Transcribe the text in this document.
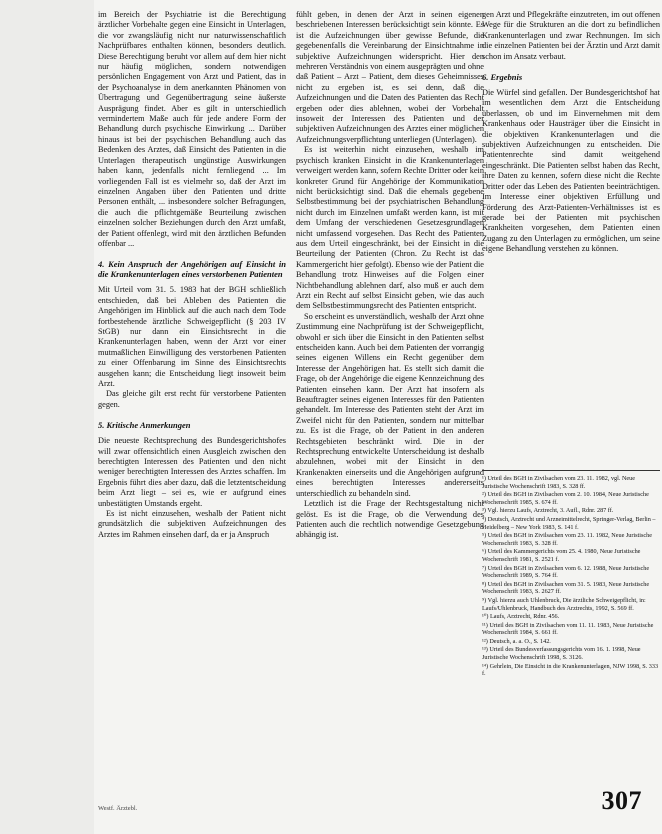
im Bereich der Psychiatrie ist die Berechtigung ärztlicher Vorbehalte gegen eine Einsicht in Unterlagen, die vor zwangsläufig nicht nur naturwissenschaftlich Nachprüfbares enthalten können, besonders deutlich. Diese Berechtigung beruht vor allem auf dem hier nicht nur häufig möglichen, sondern notwendigen persönlichen Engagement von Arzt und Patient, das in der Psychoanalyse in dem anerkannten Phänomen von Übertragung und Gegenübertragung seine äußerste Ausprägung findet. Aber es gilt in unterschiedlich vermindertem Maße auch für jede andere Form der Behandlung durch psychische Einwirkung ... Darüber hinaus ist bei der psychischen Behandlung auch das Bedenken des Arztes, daß Einsicht des Patienten in die Unterlagen therapeutisch ungünstige Auswirkungen haben kann, jedenfalls nicht fernliegend ... Im vorliegenden Fall ist es vielmehr so, daß der Arzt im einzelnen Angaben über den Patienten und dritte Personen enthält, ... insbesondere solcher Befragungen, die auch die pflichtgemäße Beurteilung zwischen einzelnen solcher Beziehungen durch den Arzt umfaßt, der Patient offenlegt, wird mit den ärztlichen Befunden offenbar ...

4. Kein Anspruch der Angehörigen auf Einsicht in die Krankenunterlagen eines verstorbenen Patienten

Mit Urteil vom 31. 5. 1983 hat der BGH schließlich entschieden, daß bei Ableben des Patienten die Angehörigen im Hinblick auf die auch nach dem Tode fortbestehende ärztliche Schweigepflicht (§ 203 IV StGB) nur dann ein Einsichtsrecht in die Krankenunterlagen haben, wenn der Arzt vor einer mutmaßlichen Einwilligung des verstorbenen Patienten zu einer Offenbarung im Sinne des Einsichtsrechts ausgehen kann; die Entscheidung liegt insoweit beim Arzt.

Das gleiche gilt erst recht für verstorbene Patienten gegen.

5. Kritische Anmerkungen

Die neueste Rechtsprechung des Bundesgerichtshofes will zwar offensichtlich einen Ausgleich zwischen den berechtigten Interessen des Patienten und den nicht weniger berechtigten Interessen des Arztes schaffen. Im Ergebnis führt dies aber dazu, daß die letztentscheidung beim Arzt liegt – sei es, wie er aufgrund eines unbestätigten Umstands ergeht.

Es ist nicht einzusehen, weshalb der Patient nicht grundsätzlich die subjektiven Aufzeichnungen des Arztes im Rahmen einsehen darf, da er ja Anspruch

fühlt geben, in denen der Arzt in seinen eigenen beschriebenen Interessen berücksichtigt sein könnte. Es ist die Aufzeichnungen über gewisse Befunde, die gegebenenfalls die Vereinbarung der Einsichtnahme in subjektive Aufzeichnungen widerspricht. Hier den mehreren Verständnis von einem ausgeprägten und ohne daß Patient – Arzt – Patient, dem dieses Geheimnisses nicht zu ergeben ist, es sei denn, daß die Aufzeichnungen und die Daten des Patienten das Recht ergeben oder dies ablehnen, wobei der Vorbehalt insoweit der Interessen des Patienten und der subjektiven Aufzeichnungen des Arztes einer möglichen Aufzeichnungsverpflichtung unterliegen (Unterlagen).

Es ist weiterhin nicht einzusehen, weshalb im psychisch kranken Einsicht in die Krankenunterlagen verweigert werden kann, sofern Rechte Dritter oder kein konkreter Grund für Angehörige der Kommunikation nicht berücksichtigt sind. Daß die ehemals gegebene Selbstbestimmung bei der psychiatrischen Behandlung nicht durch im Einzelnen umfaßt werden kann, ist mit dem Umfang der verschiedenen Gesetzesgrundlagen nicht umfassend vorgesehen. Das Recht des Patienten aus dem Urteil eingeschränkt, bei der Einsicht in die Beurteilung der Patienten (Chron. Zu Recht ist das Kammergericht hier gefolgt). Ebenso wie der Patient die Behandlung trotz Hinweises auf die Folgen einer Nichtbehandlung ablehnen darf, also muß er auch dem Arzt ein Recht auf selbst Einsicht geben, wie das auch dem Selbstbestimmungsrecht des Patienten entspricht.

So erscheint es unverständlich, weshalb der Arzt ohne Zustimmung eine Nachprüfung ist der Schweigepflicht, obwohl er sich über die Einsicht in den Patienten selbst entscheiden kann. Auch bei dem Patienten der vorrangig seines eigenen Willens ein Recht gegenüber dem Interesse der Angehörigen hat. Es stellt sich damit die Frage, ob der Angehörige die eigene Kennzeichnung des Patienten einsehen kann. Der Arzt hat insofern als Beauftragter seines eigenen Interesses für den Patienten gehandelt. Im Interesse des Patienten steht der Arzt im Zweifel nicht für den Patienten, sondern nur mittelbar zu. Es ist die Frage, ob der Patient in den anderen Rechtsgebieten beschränkt wird. Die in der Rechtsprechung entwickelte Unterscheidung ist deshalb abzulehnen, wobei mit der Einsicht in den Krankenakten einerseits und die Angehörigen aufgrund eines berechtigten Interesses andererseits unterschiedlich zu behandeln sind.

Letztlich ist die Frage der Rechtsgestaltung nicht gelöst. Es ist die Frage, ob die Verwendung des Patienten auch die rechtlich notwendige Gesetzgebung abhängig ist.

gen Arzt und Pflegekräfte einzutreten, im out offenen Wege für die Strukturen an die dort zu befindlichen Krankenunterlagen und zwar Rechnungen. Im sich die einzelnen Patienten bei der Ärztin und Arzt damit schon im Ansatz verbaut.

6. Ergebnis

Die Würfel sind gefallen. Der Bundesgerichtshof hat im wesentlichen dem Arzt die Entscheidung überlassen, ob und im Einvernehmen mit dem Krankenhaus oder Hausträger über die Einsicht in die objektiven Krankenunterlagen und die subjektiven Aufzeichnungen zu entscheiden. Die Patientenrechte sind damit weitgehend eingeschränkt. Die Patienten selbst haben das Recht, ihre Daten zu kennen, sofern diese nicht die Rechte Dritter oder das Leben des Patienten beeinträchtigen. Im Interesse einer objektiven Erfüllung und Förderung des Arzt-Patienten-Verhältnisses ist es gerade bei der Patienten mit psychischen Krankheiten vorgesehen, dem Patienten einen Zugang zu den Unterlagen zu ermöglichen, um seine eigene Behandlung verstehen zu können.

¹) Urteil des BGH in Zivilsachen vom 23. 11. 1982, vgl. Neue Juristische Wochenschrift 1983, S. 328 ff.
²) Urteil des BGH in Zivilsachen vom 2. 10. 1984, Neue Juristische Wochenschrift 1985, S. 674 ff.
³) Vgl. hierzu Laufs, Arztrecht, 3. Aufl., Rdnr. 287 ff.
⁴) Deutsch, Arztrecht und Arzneimittelrecht, Springer-Verlag, Berlin – Heidelberg – New York 1983, S. 141 f.
⁵) Urteil des BGH in Zivilsachen vom 23. 11. 1982, Neue Juristische Wochenschrift 1983, S. 328 ff.
⁶) Urteil des Kammergerichts vom 25. 4. 1980, Neue Juristische Wochenschrift 1981, S. 2521 f.
⁷) Urteil des BGH in Zivilsachen vom 6. 12. 1988, Neue Juristische Wochenschrift 1989, S. 764 ff.
⁸) Urteil des BGH in Zivilsachen vom 31. 5. 1983, Neue Juristische Wochenschrift 1983, S. 2627 ff.
⁹) Vgl. hierzu auch Uhlenbruck, Die ärztliche Schweigepflicht, in: Laufs/Uhlenbruck, Handbuch des Arztrechts, 1992, S. 569 ff.
¹⁰) Laufs, Arztrecht, Rdnr. 456.
¹¹) Urteil des BGH in Zivilsachen vom 11. 11. 1983, Neue Juristische Wochenschrift 1984, S. 661 ff.
¹²) Deutsch, a. a. O., S. 142.
¹³) Urteil des Bundesverfassungsgerichts vom 16. 1. 1998, Neue Juristische Wochenschrift 1998, S. 3126.
¹⁴) Gehrlein, Die Einsicht in die Krankenunterlagen, NJW 1998, S. 333 f.
Westf. Ärztebl.	307
